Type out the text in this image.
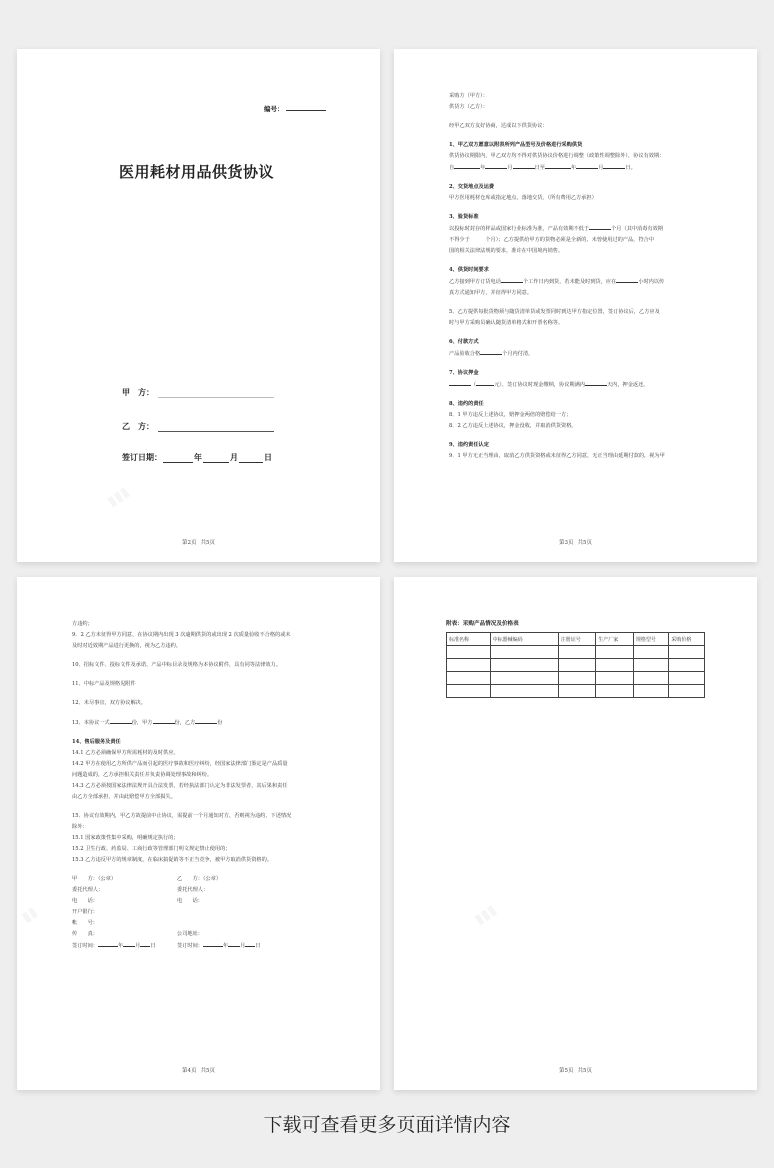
编号：
医用耗材用品供货协议
甲　方：
乙　方：
签订日期：	年	月	日
第2页 共5页

采购方（甲方）：

供货方（乙方）：

经甲乙双方友好协商，达成以下供货协议：

1、甲乙双方愿意以附表所列产品型号及价格进行采购供货

供货协议期限内，甲乙双方均不得对供货协议价格进行调整（政策性调整除外），协议有效期：

自	年	月	日至	年	月	日。

2、交货地点及运费

甲方医用耗材仓库或指定地点，落地交货。（所有费用乙方承担）

3、验货标准

以投标时封存的样品或国家行业标准为准，产品有效期不低于	个月（其中消毒有效期

不得少于　　　个月）；乙方提供给甲方的货物必须是全新的、未曾使用过的产品，符合中

国的相关法律法规的要求，准许在中国境内销售。

4、供货时间要求

乙方接到甲方订货电话	个工作日内到货，若未能及时到货，应在	小时内以传

真方式通知甲方，并征得甲方同意。

5、乙方提供每批货物须与随货清单货或发票同时到达甲方指定位置，签订协议后，乙方应及

时与甲方采购员确认随货清单格式和开票名称等。

6、付款方式

产品验收合格	个月内付清。

7、协议押金

（	元），签订协议时现金缴纳，协议期满内	天内，押金返还。

8、违约的责任

8．1 甲方违反上述协议，赔押金两倍的赔偿给一方；

8．2 乙方违反上述协议，押金没收，并取消供货资格。

9、违约责任认定

9．1 甲方无正当理由，取消乙方供货资格或未征得乙方同意，无正当理由延期付款的，视为甲

第3页 共5页

方违约；

9．2 乙方未征得甲方同意，在协议期内出现 3 次逾期供货的或出现 2 次质量验收不合格的或未

及时对近效期产品进行更换的，视为乙方违约。

10、招标文件、投标文件及承诺、产品中标目录及规格为本协议附件，具有同等法律效力。

11、中标产品及规格见附件

12、未尽事宜，双方协议解决。

13、本协议一式	份，甲方	份，乙方	份

14、售后服务及责任

14.1 乙方必须确保甲方所需耗材的及时供应。

14.2 甲方在使用乙方所供产品而引起的医疗事故和医疗纠纷，经国家法律部门鉴定是产品质量

问题造成的，乙方承担相关责任并负责协调处理事故和纠纷。

14.3 乙方必须按国家法律法规开具合法发票，若经执法部门认定为非法发票者，其后果和责任

由乙方全部承担，并由此赔偿甲方全部损失。

15、协议有效期内，甲乙方故提前中止协议，需提前一个月通知对方，否则视为违约，下述情况

除外：

15.1 国家政策性集中采购，明确规定执行的；

15.2 卫生行政、药监局、工商行政等管理部门明文规定禁止使用的；

15.3 乙方违反甲方的规章制度，在临床搞促销等不正当竞争，被甲方取消供货资格的。

甲　　方：（公章）	乙　　方：（公章）
委托代理人：	委托代理人：
电　　话：	电　　话：
开户银行：
帐　　号：
传　　真：	公司地址：
签订时间：	年 月 日	签订时间：	年 月 日
第4页 共5页
附表：采购产品情况及价格表
标准名称	中标器械编码	注册证号	生产厂家	规格型号	采购价格

第5页 共5页
下载可查看更多页面详情内容
